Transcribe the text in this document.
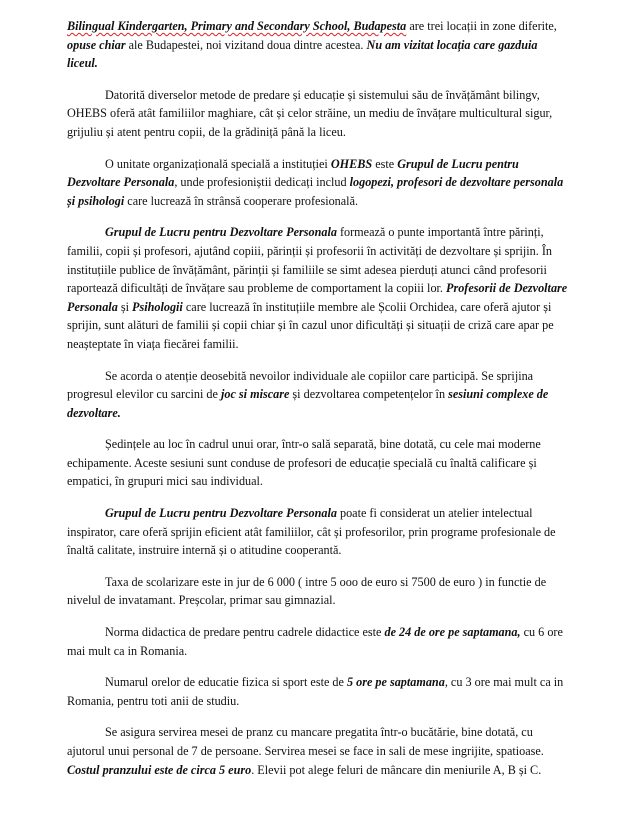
Bilingual Kindergarten, Primary and Secondary School, Budapesta are trei locații in zone diferite, opuse chiar ale Budapestei, noi vizitand doua dintre acestea. Nu am vizitat locația care gazduia liceul.

Datorită diverselor metode de predare și educație și sistemului său de învățământ bilingv, OHEBS oferă atât familiilor maghiare, cât și celor străine, un mediu de învățare multicultural sigur, grijuliu și atent pentru copii, de la grădiniță până la liceu.

O unitate organizațională specială a instituției OHEBS este Grupul de Lucru pentru Dezvoltare Personala, unde profesioniștii dedicați includ logopezi, profesori de dezvoltare personala și psihologi care lucrează în strânsă cooperare profesională.

Grupul de Lucru pentru Dezvoltare Personala formează o punte importantă între părinți, familii, copii și profesori, ajutând copiii, părinții și profesorii în activități de dezvoltare și sprijin. În instituțiile publice de învățământ, părinții și familiile se simt adesea pierduți atunci când profesorii raportează dificultăți de învățare sau probleme de comportament la copiii lor. Profesorii de Dezvoltare Personala și Psihologii care lucrează în instituțiile membre ale Școlii Orchidea, care oferă ajutor și sprijin, sunt alături de familii și copii chiar și în cazul unor dificultăți și situații de criză care apar pe neașteptate în viața fiecărei familii.

Se acorda o atenție deosebită nevoilor individuale ale copiilor care participă. Se sprijina progresul elevilor cu sarcini de joc si miscare și dezvoltarea competențelor în sesiuni complexe de dezvoltare.

Ședințele au loc în cadrul unui orar, într-o sală separată, bine dotată, cu cele mai moderne echipamente. Aceste sesiuni sunt conduse de profesori de educație specială cu înaltă calificare și empatici, în grupuri mici sau individual.

Grupul de Lucru pentru Dezvoltare Personala poate fi considerat un atelier intelectual inspirator, care oferă sprijin eficient atât familiilor, cât și profesorilor, prin programe profesionale de înaltă calitate, instruire internă și o atitudine cooperantă.

Taxa de scolarizare este in jur de 6 000 ( intre 5 ooo de euro si 7500 de euro ) in functie de nivelul de invatamant. Preșcolar, primar sau gimnazial.

Norma didactica de predare pentru cadrele didactice este de 24 de ore pe saptamana, cu 6 ore mai mult ca in Romania.

Numarul orelor de educatie fizica si sport este de 5 ore pe saptamana, cu 3 ore mai mult ca in Romania, pentru toti anii de studiu.

Se asigura servirea mesei de pranz cu mancare pregatita într-o bucătărie, bine dotată, cu ajutorul unui personal de 7 de persoane. Servirea mesei se face in sali de mese ingrijite, spatioase. Costul pranzului este de circa 5 euro. Elevii pot alege feluri de mâncare din meniurile A, B și C.
